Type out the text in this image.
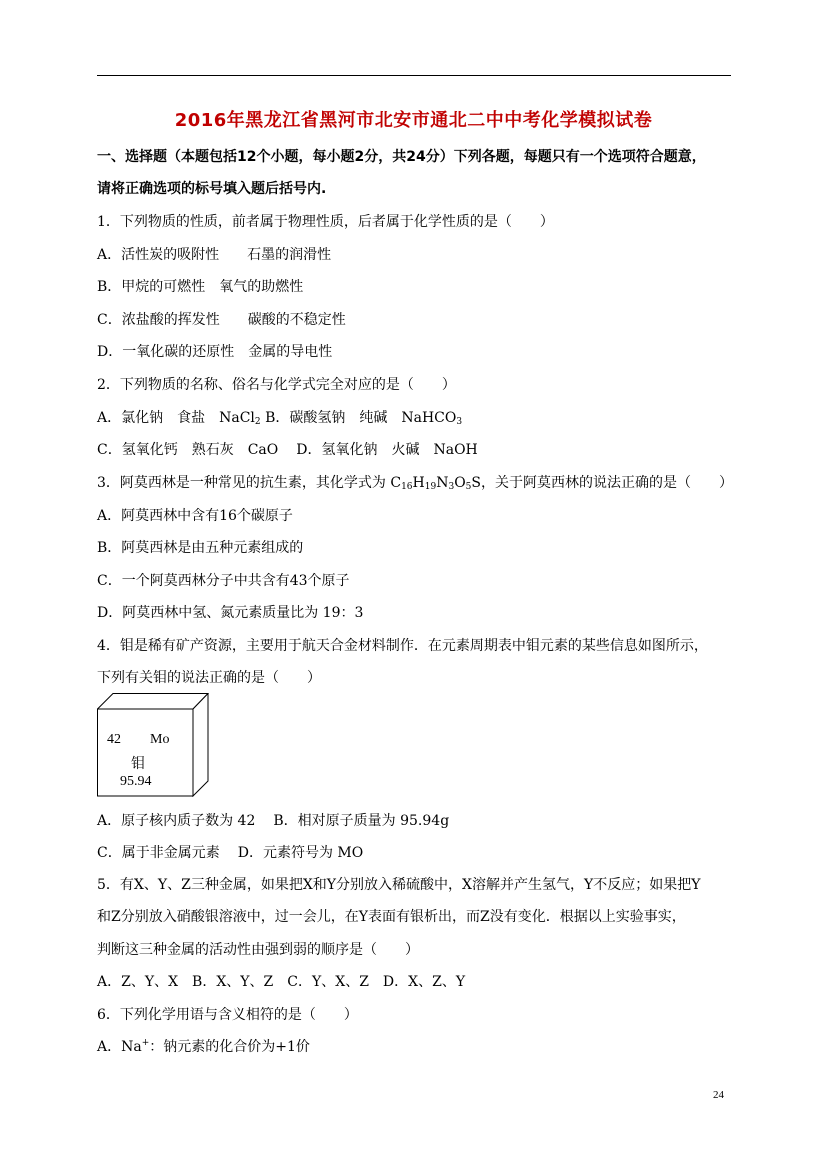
2016年黑龙江省黑河市北安市通北二中中考化学模拟试卷
一、选择题（本题包括12个小题，每小题2分，共24分）下列各题，每题只有一个选项符合题意，
请将正确选项的标号填入题后括号内.
1．下列物质的性质，前者属于物理性质，后者属于化学性质的是（　　）
A．活性炭的吸附性　　石墨的润滑性
B．甲烷的可燃性　氧气的助燃性
C．浓盐酸的挥发性　　碳酸的不稳定性
D．一氧化碳的还原性　金属的导电性
2．下列物质的名称、俗名与化学式完全对应的是（　　）
A．氯化钠　食盐　NaCl$_2$ B．碳酸氢钠　纯碱　NaHCO$_3$
C．氢氧化钙　熟石灰　CaO D．氢氧化钠　火碱　NaOH
3．阿莫西林是一种常见的抗生素，其化学式为 $C_{16}H_{19}N_3O_5S$，关于阿莫西林的说法正确的是（　　）
A．阿莫西林中含有16个碳原子
B．阿莫西林是由五种元素组成的
C．一个阿莫西林分子中共含有43个原子
D．阿莫西林中氢、氮元素质量比为 19：3
4．钼是稀有矿产资源，主要用于航天合金材料制作．在元素周期表中钼元素的某些信息如图所示，
下列有关钼的说法正确的是（　　）
42 Mo
钼
95.94
A．原子核内质子数为 42 B．相对原子质量为 95.94g
C．属于非金属元素 D．元素符号为 MO
5．有X、Y、Z三种金属，如果把X和Y分别放入稀硫酸中，X溶解并产生氢气，Y不反应；如果把Y
和Z分别放入硝酸银溶液中，过一会儿，在Y表面有银析出，而Z没有变化．根据以上实验事实，
判断这三种金属的活动性由强到弱的顺序是（　　）
A．Z、Y、X　B．X、Y、Z　C．Y、X、Z　D．X、Z、Y
6．下列化学用语与含义相符的是（　　）
A．Na+：钠元素的化合价为+1价
24
